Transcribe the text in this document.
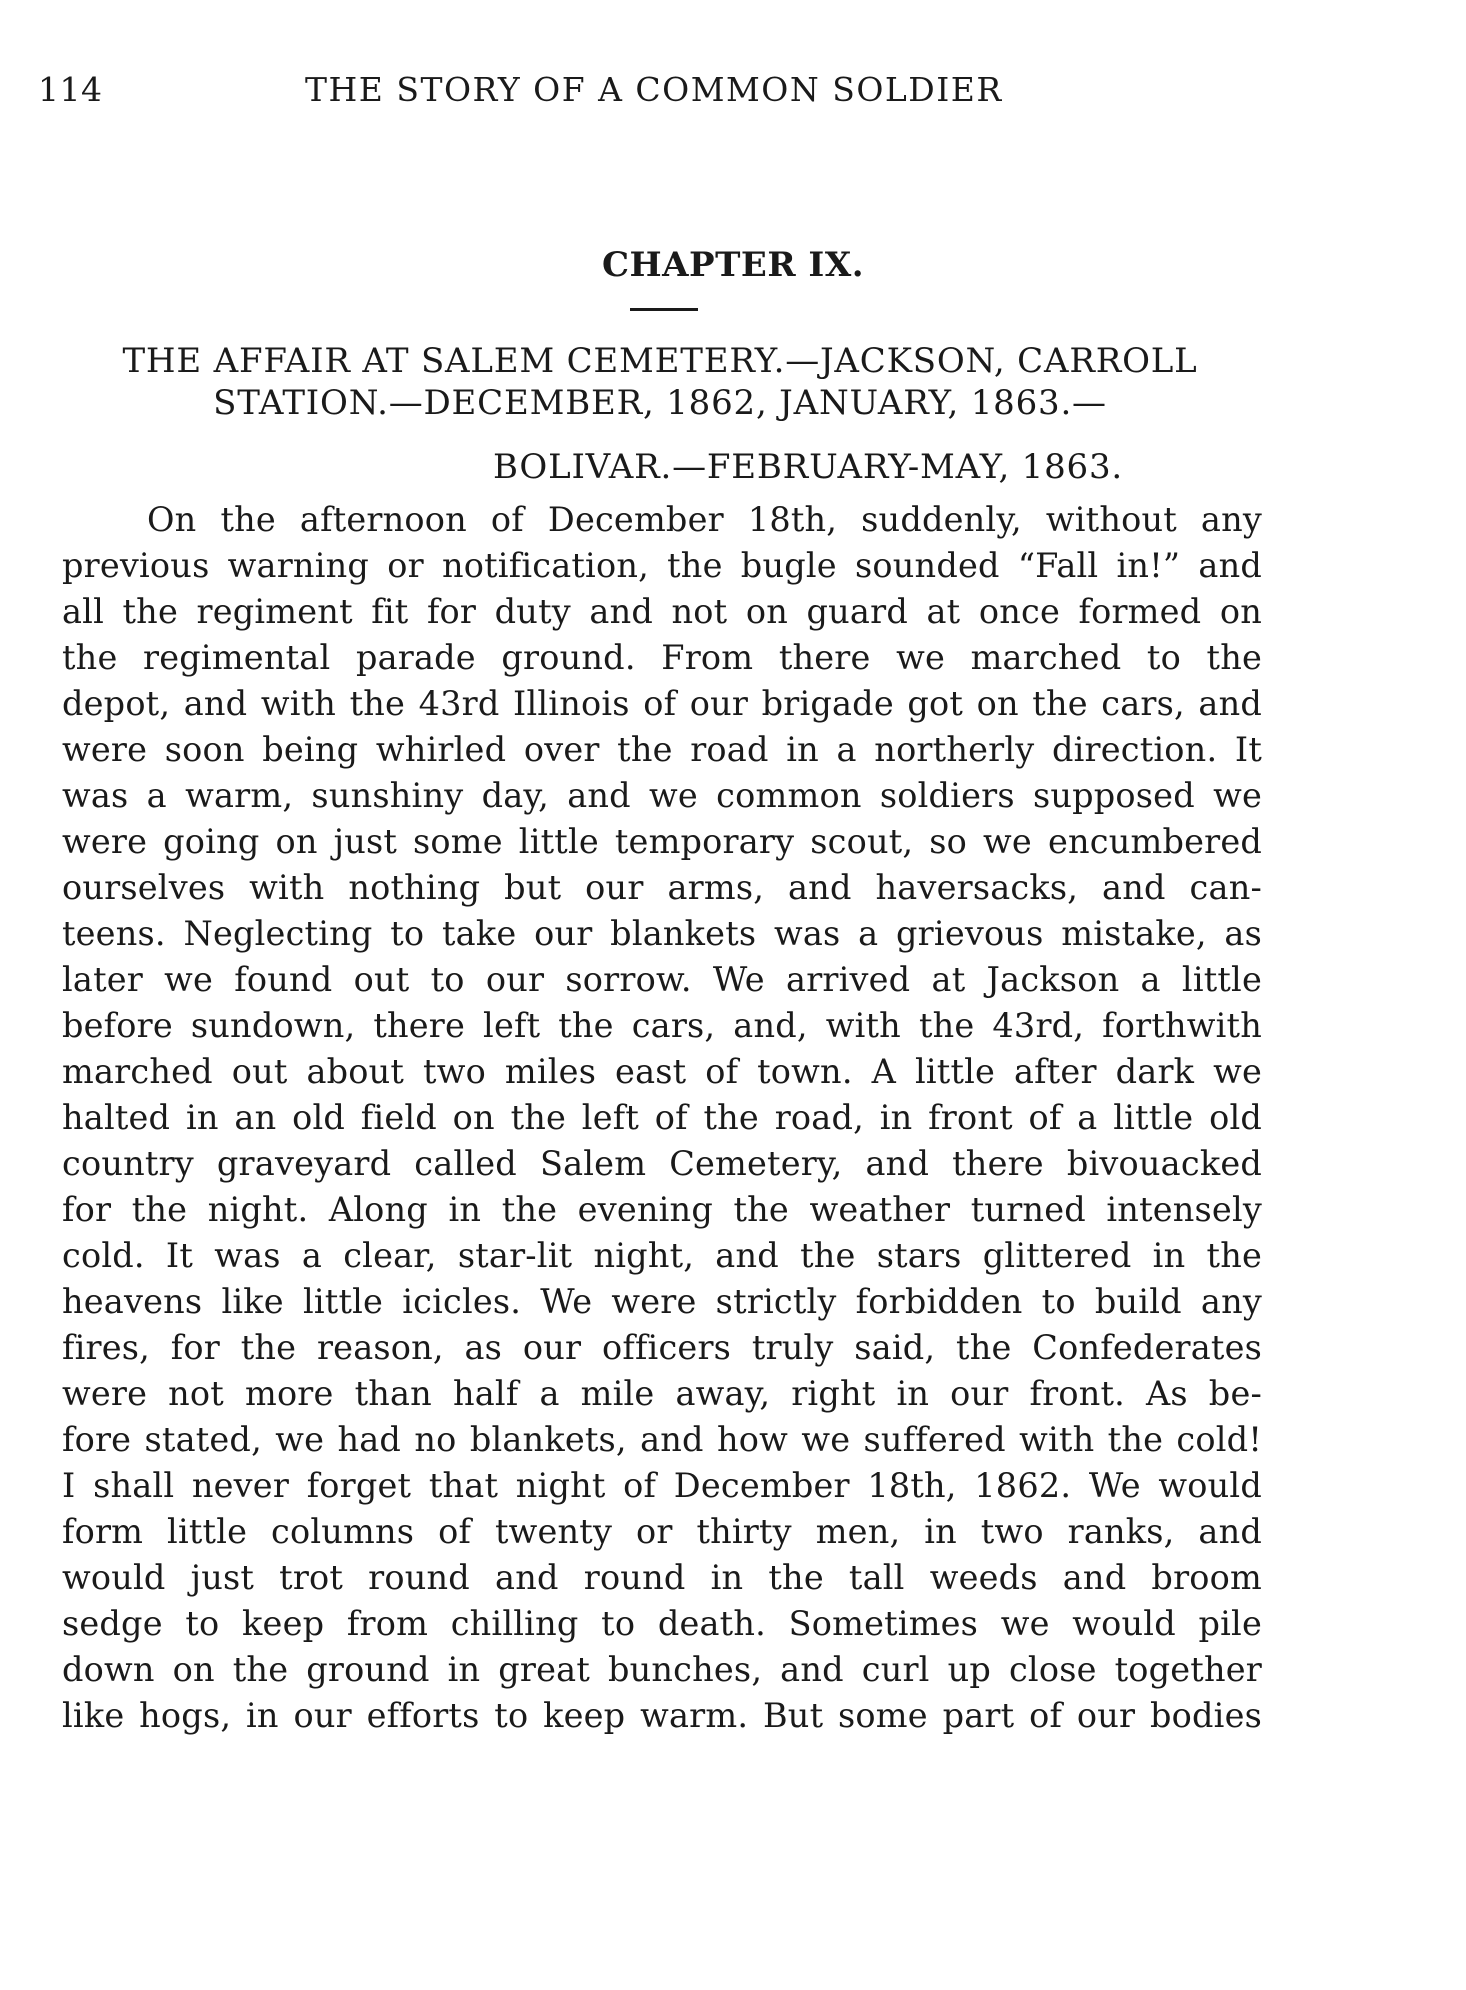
114	THE STORY OF A COMMON SOLDIER
CHAPTER IX.
THE AFFAIR AT SALEM CEMETERY.—JACKSON, CARROLL
STATION.—DECEMBER, 1862, JANUARY, 1863.—
BOLIVAR.—FEBRUARY-MAY, 1863.
On the afternoon of December 18th, suddenly, without any
previous warning or notification, the bugle sounded “Fall in!” and
all the regiment fit for duty and not on guard at once formed on
the regimental parade ground. From there we marched to the
depot, and with the 43rd Illinois of our brigade got on the cars, and
were soon being whirled over the road in a northerly direction. It
was a warm, sunshiny day, and we common soldiers supposed we
were going on just some little temporary scout, so we encumbered
ourselves with nothing but our arms, and haversacks, and can-
teens. Neglecting to take our blankets was a grievous mistake, as
later we found out to our sorrow. We arrived at Jackson a little
before sundown, there left the cars, and, with the 43rd, forthwith
marched out about two miles east of town. A little after dark we
halted in an old field on the left of the road, in front of a little old
country graveyard called Salem Cemetery, and there bivouacked
for the night. Along in the evening the weather turned intensely
cold. It was a clear, star-lit night, and the stars glittered in the
heavens like little icicles. We were strictly forbidden to build any
fires, for the reason, as our officers truly said, the Confederates
were not more than half a mile away, right in our front. As be-
fore stated, we had no blankets, and how we suffered with the cold!
I shall never forget that night of December 18th, 1862. We would
form little columns of twenty or thirty men, in two ranks, and
would just trot round and round in the tall weeds and broom
sedge to keep from chilling to death. Sometimes we would pile
down on the ground in great bunches, and curl up close together
like hogs, in our efforts to keep warm. But some part of our bodies
